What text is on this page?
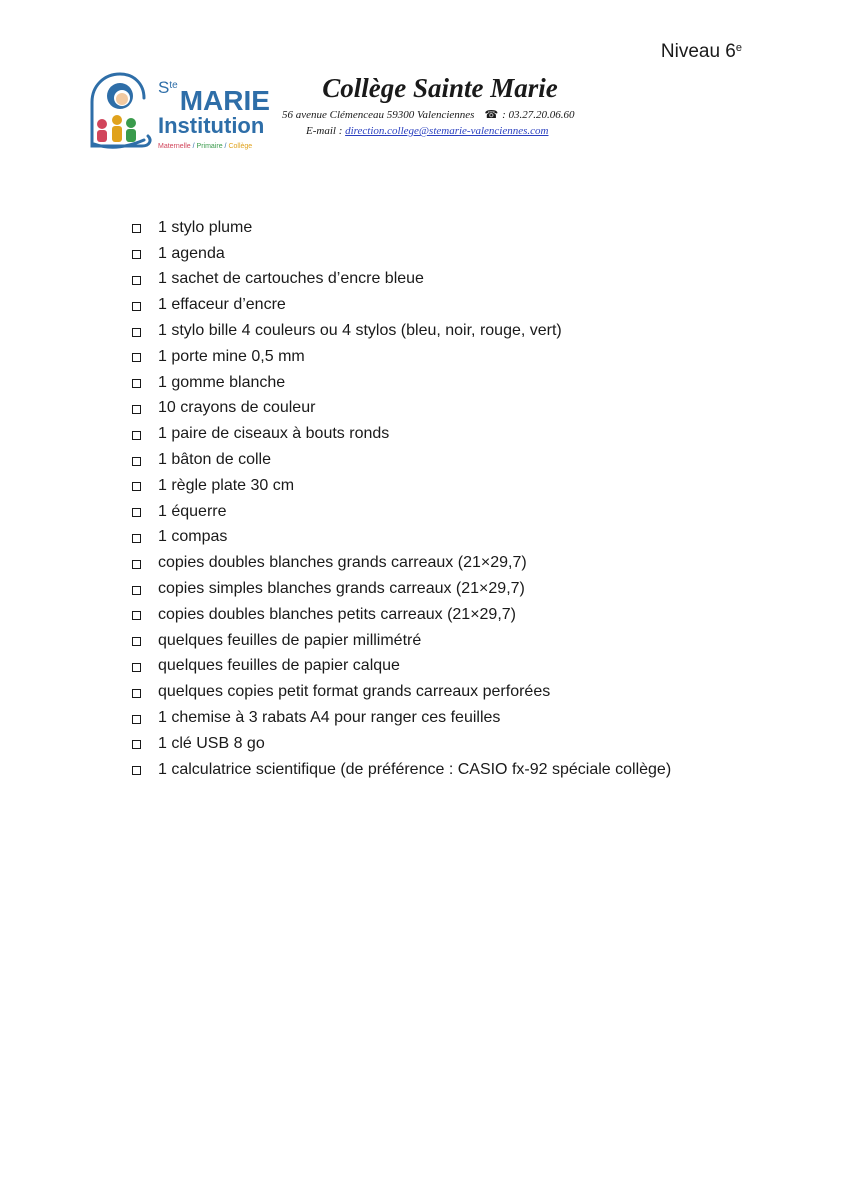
Niveau 6e
$S^{te}$ MARIE
Institution
Maternelle / Primaire / Collège
Collège Sainte Marie
56 avenue Clémenceau 59300 Valenciennes ☎ : 03.27.20.06.60
E-mail : direction.college@stemarie-valenciennes.com
1 stylo plume
1 agenda
1 sachet de cartouches d’encre bleue
1 effaceur d’encre
1 stylo bille 4 couleurs ou 4 stylos (bleu, noir, rouge, vert)
1 porte mine 0,5 mm
1 gomme blanche
10 crayons de couleur
1 paire de ciseaux à bouts ronds
1 bâton de colle
1 règle plate 30 cm
1 équerre
1 compas
copies doubles blanches grands carreaux (21×29,7)
copies simples blanches grands carreaux (21×29,7)
copies doubles blanches petits carreaux (21×29,7)
quelques feuilles de papier millimétré
quelques feuilles de papier calque
quelques copies petit format grands carreaux perforées
1 chemise à 3 rabats A4 pour ranger ces feuilles
1 clé USB 8 go
1 calculatrice scientifique (de préférence : CASIO fx-92 spéciale collège)
